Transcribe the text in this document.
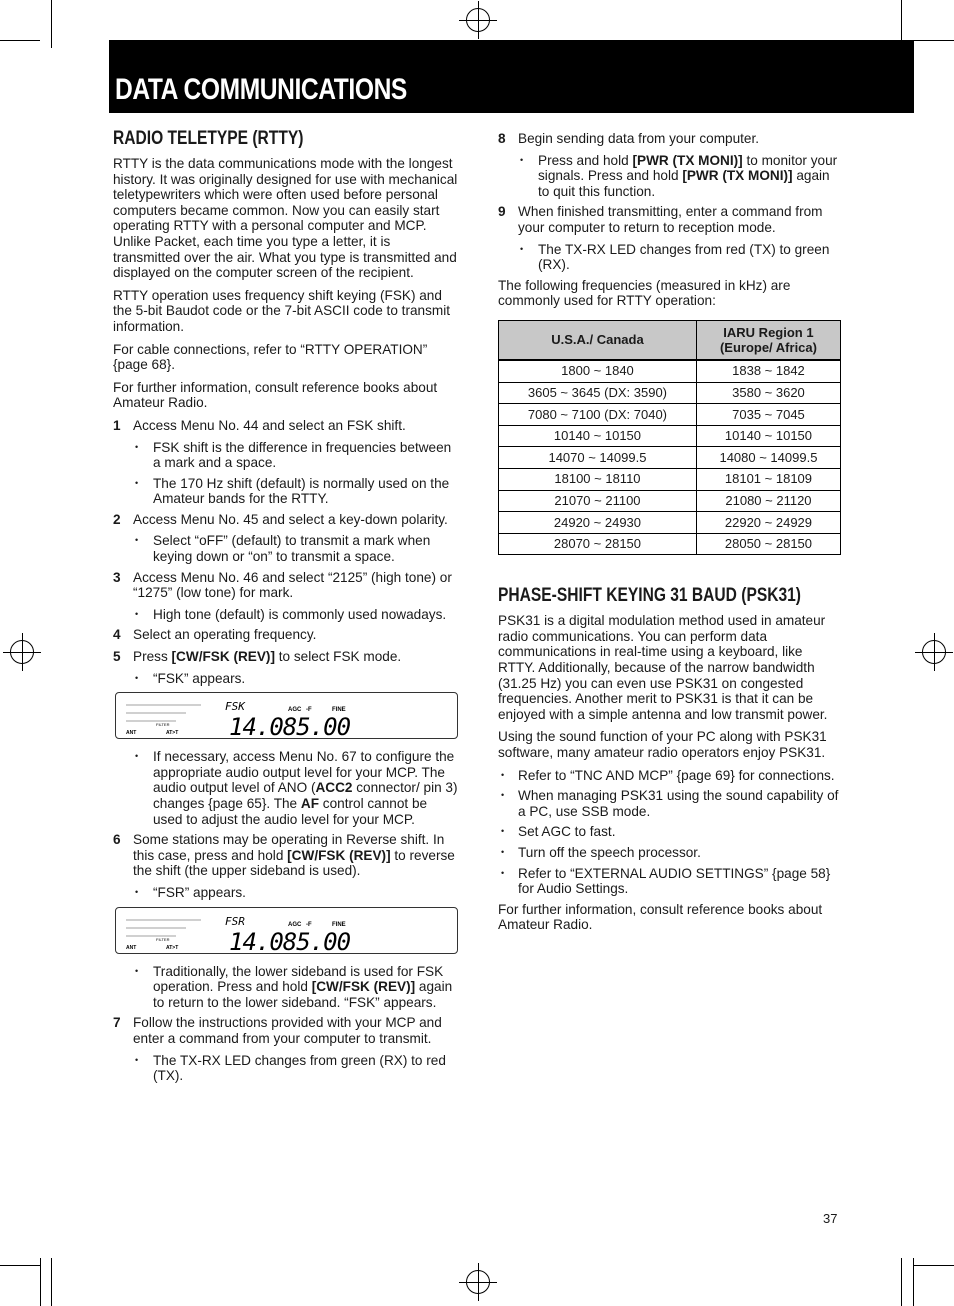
DATA COMMUNICATIONS
RADIO TELETYPE (RTTY)

RTTY is the data communications mode with the longest history. It was originally designed for use with mechanical teletypewriters which were often used before personal computers became common. Now you can easily start operating RTTY with a personal computer and MCP. Unlike Packet, each time you type a letter, it is transmitted over the air. What you type is transmitted and displayed on the computer screen of the recipient.

RTTY operation uses frequency shift keying (FSK) and the 5-bit Baudot code or the 7-bit ASCII code to transmit information.

For cable connections, refer to “RTTY OPERATION” {page 68}.

For further information, consult reference books about Amateur Radio.

1 Access Menu No. 44 and select an FSK shift.
• FSK shift is the difference in frequencies between a mark and a space.
• The 170 Hz shift (default) is normally used on the Amateur bands for the RTTY.
2 Access Menu No. 45 and select a key-down polarity.
• Select “oFF” (default) to transmit a mark when keying down or “on” to transmit a space.
3 Access Menu No. 46 and select “2125” (high tone) or “1275” (low tone) for mark.
• High tone (default) is commonly used nowadays.
4 Select an operating frequency.
5 Press [CW/FSK (REV)] to select FSK mode.
• “FSK” appears.
FSK	AGC -F	FINE
FILTER
ANT	AT>T 14.085.00
• If necessary, access Menu No. 67 to configure the appropriate audio output level for your MCP. The audio output level of ANO (ACC2 connector/ pin 3) changes {page 65}. The AF control cannot be used to adjust the audio level for your MCP.
6 Some stations may be operating in Reverse shift. In this case, press and hold [CW/FSK (REV)] to reverse the shift (the upper sideband is used).
• “FSR” appears.
FSR	AGC -F	FINE
FILTER
ANT	AT>T 14.085.00
• Traditionally, the lower sideband is used for FSK operation. Press and hold [CW/FSK (REV)] again to return to the lower sideband. “FSK” appears.
7 Follow the instructions provided with your MCP and enter a command from your computer to transmit.
• The TX-RX LED changes from green (RX) to red (TX).
8 Begin sending data from your computer.
• Press and hold [PWR (TX MONI)] to monitor your signals. Press and hold [PWR (TX MONI)] again to quit this function.
9 When finished transmitting, enter a command from your computer to return to reception mode.
• The TX-RX LED changes from red (TX) to green (RX).

The following frequencies (measured in kHz) are commonly used for RTTY operation:

U.S.A./ Canada	IARU Region 1
(Europe/ Africa)
1800 ~ 1840	1838 ~ 1842
3605 ~ 3645 (DX: 3590)	3580 ~ 3620
7080 ~ 7100 (DX: 7040)	7035 ~ 7045
10140 ~ 10150	10140 ~ 10150
14070 ~ 14099.5	14080 ~ 14099.5
18100 ~ 18110	18101 ~ 18109
21070 ~ 21100	21080 ~ 21120
24920 ~ 24930	22920 ~ 24929
28070 ~ 28150	28050 ~ 28150
PHASE-SHIFT KEYING 31 BAUD (PSK31)

PSK31 is a digital modulation method used in amateur radio communications. You can perform data communications in real-time using a keyboard, like RTTY. Additionally, because of the narrow bandwidth (31.25 Hz) you can even use PSK31 on congested frequencies. Another merit to PSK31 is that it can be enjoyed with a simple antenna and low transmit power.

Using the sound function of your PC along with PSK31 software, many amateur radio operators enjoy PSK31.

• Refer to “TNC AND MCP” {page 69} for connections.
• When managing PSK31 using the sound capability of a PC, use SSB mode.
• Set AGC to fast.
• Turn off the speech processor.
• Refer to “EXTERNAL AUDIO SETTINGS” {page 58} for Audio Settings.

For further information, consult reference books about Amateur Radio.

37
